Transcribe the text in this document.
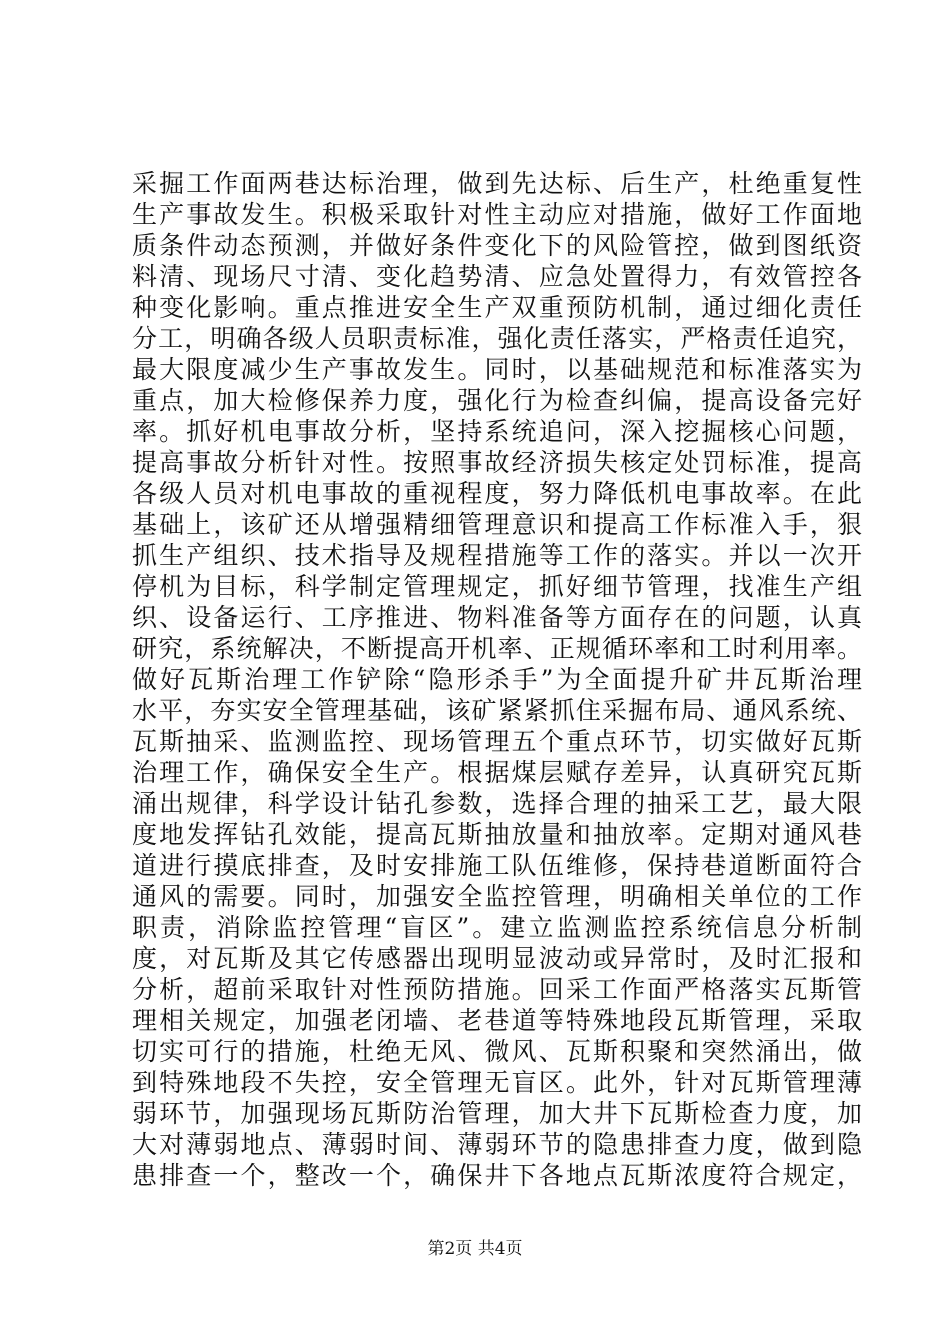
采掘工作面两巷达标治理，做到先达标、后生产，杜绝重复性
生产事故发生。积极采取针对性主动应对措施，做好工作面地
质条件动态预测，并做好条件变化下的风险管控，做到图纸资
料清、现场尺寸清、变化趋势清、应急处置得力，有效管控各
种变化影响。重点推进安全生产双重预防机制，通过细化责任
分工，明确各级人员职责标准，强化责任落实，严格责任追究，
最大限度减少生产事故发生。同时，以基础规范和标准落实为
重点，加大检修保养力度，强化行为检查纠偏，提高设备完好
率。抓好机电事故分析，坚持系统追问，深入挖掘核心问题，
提高事故分析针对性。按照事故经济损失核定处罚标准，提高
各级人员对机电事故的重视程度，努力降低机电事故率。在此
基础上，该矿还从增强精细管理意识和提高工作标准入手，狠
抓生产组织、技术指导及规程措施等工作的落实。并以一次开
停机为目标，科学制定管理规定，抓好细节管理，找准生产组
织、设备运行、工序推进、物料准备等方面存在的问题，认真
研究，系统解决，不断提高开机率、正规循环率和工时利用率。
做好瓦斯治理工作铲除“隐形杀手”为全面提升矿井瓦斯治理
水平，夯实安全管理基础，该矿紧紧抓住采掘布局、通风系统、
瓦斯抽采、监测监控、现场管理五个重点环节，切实做好瓦斯
治理工作，确保安全生产。根据煤层赋存差异，认真研究瓦斯
涌出规律，科学设计钻孔参数，选择合理的抽采工艺，最大限
度地发挥钻孔效能，提高瓦斯抽放量和抽放率。定期对通风巷
道进行摸底排查，及时安排施工队伍维修，保持巷道断面符合
通风的需要。同时，加强安全监控管理，明确相关单位的工作
职责，消除监控管理“盲区”。建立监测监控系统信息分析制
度，对瓦斯及其它传感器出现明显波动或异常时，及时汇报和
分析，超前采取针对性预防措施。回采工作面严格落实瓦斯管
理相关规定，加强老闭墙、老巷道等特殊地段瓦斯管理，采取
切实可行的措施，杜绝无风、微风、瓦斯积聚和突然涌出，做
到特殊地段不失控，安全管理无盲区。此外，针对瓦斯管理薄
弱环节，加强现场瓦斯防治管理，加大井下瓦斯检查力度，加
大对薄弱地点、薄弱时间、薄弱环节的隐患排查力度，做到隐
患排查一个，整改一个，确保井下各地点瓦斯浓度符合规定，
第2页 共4页
